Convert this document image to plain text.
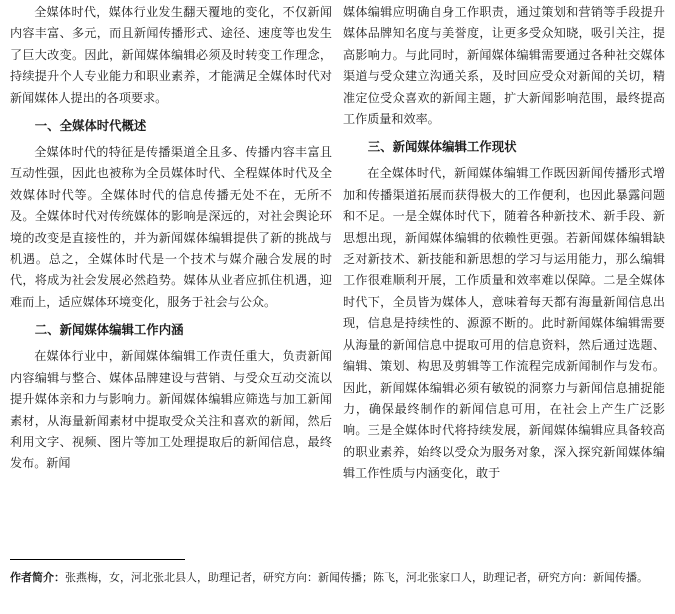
全媒体时代，媒体行业发生翻天覆地的变化，不仅新闻内容丰富、多元，而且新闻传播形式、途径、速度等也发生了巨大改变。因此，新闻媒体编辑必须及时转变工作理念，持续提升个人专业能力和职业素养，才能满足全媒体时代对新闻媒体人提出的各项要求。

一、全媒体时代概述

全媒体时代的特征是传播渠道全且多、传播内容丰富且互动性强，因此也被称为全员媒体时代、全程媒体时代及全效媒体时代等。全媒体时代的信息传播无处不在，无所不及。全媒体时代对传统媒体的影响是深远的，对社会舆论环境的改变是直接性的，并为新闻媒体编辑提供了新的挑战与机遇。总之，全媒体时代是一个技术与媒介融合发展的时代，将成为社会发展必然趋势。媒体从业者应抓住机遇，迎难而上，适应媒体环境变化，服务于社会与公众。

二、新闻媒体编辑工作内涵

在媒体行业中，新闻媒体编辑工作责任重大，负责新闻内容编辑与整合、媒体品牌建设与营销、与受众互动交流以提升媒体亲和力与影响力。新闻媒体编辑应筛选与加工新闻素材，从海量新闻素材中提取受众关注和喜欢的新闻，然后利用文字、视频、图片等加工处理提取后的新闻信息，最终发布。新闻

媒体编辑应明确自身工作职责，通过策划和营销等手段提升媒体品牌知名度与美誉度，让更多受众知晓，吸引关注，提高影响力。与此同时，新闻媒体编辑需要通过各种社交媒体渠道与受众建立沟通关系，及时回应受众对新闻的关切，精准定位受众喜欢的新闻主题，扩大新闻影响范围，最终提高工作质量和效率。

三、新闻媒体编辑工作现状

在全媒体时代，新闻媒体编辑工作既因新闻传播形式增加和传播渠道拓展而获得极大的工作便利，也因此暴露问题和不足。一是全媒体时代下，随着各种新技术、新手段、新思想出现，新闻媒体编辑的依赖性更强。若新闻媒体编辑缺乏对新技术、新技能和新思想的学习与运用能力，那么编辑工作很难顺利开展，工作质量和效率难以保障。二是全媒体时代下，全员皆为媒体人，意味着每天都有海量新闻信息出现，信息是持续性的、源源不断的。此时新闻媒体编辑需要从海量的新闻信息中提取可用的信息资料，然后通过选题、编辑、策划、构思及剪辑等工作流程完成新闻制作与发布。因此，新闻媒体编辑必须有敏锐的洞察力与新闻信息捕捉能力，确保最终制作的新闻信息可用，在社会上产生广泛影响。三是全媒体时代将持续发展，新闻媒体编辑应具备较高的职业素养，始终以受众为服务对象，深入探究新闻媒体编辑工作性质与内涵变化，敢于

作者简介：张燕梅，女，河北张北县人，助理记者，研究方向：新闻传播；陈飞，河北张家口人，助理记者，研究方向：新闻传播。
